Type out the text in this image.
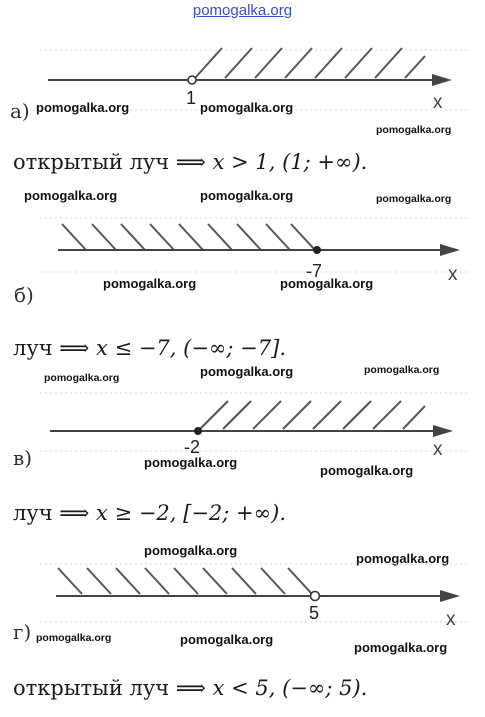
pomogalka.org
1	x
а) pomogalka.org	pomogalka.org
pomogalka.org
открытый луч ⟹ x > 1, (1; +∞).
pomogalka.org	pomogalka.org	pomogalka.org
-7	x
б)	pomogalka.org	pomogalka.org
луч ⟹ x ≤ −7, (−∞; −7].
pomogalka.org	pomogalka.org	pomogalka.org
-2	x
в)	pomogalka.org
pomogalka.org
луч ⟹ x ≥ −2, [−2; +∞).
pomogalka.org
pomogalka.org
5	x
г) pomogalka.org	pomogalka.org
pomogalka.org
открытый луч ⟹ x < 5, (−∞; 5).
